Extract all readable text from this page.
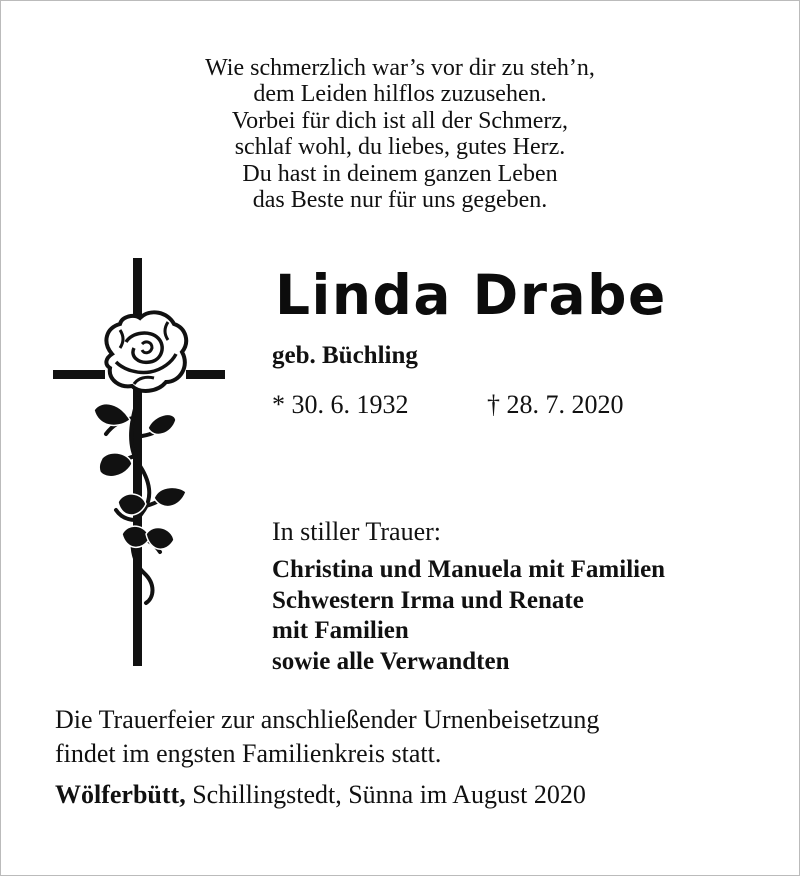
Wie schmerzlich war’s vor dir zu steh’n,
dem Leiden hilflos zuzusehen.
Vorbei für dich ist all der Schmerz,
schlaf wohl, du liebes, gutes Herz.
Du hast in deinem ganzen Leben
das Beste nur für uns gegeben.
Linda Drabe
geb. Büchling
* 30. 6. 1932	† 28. 7. 2020
In stiller Trauer:
Christina und Manuela mit Familien
Schwestern Irma und Renate
mit Familien
sowie alle Verwandten
Die Trauerfeier zur anschließender Urnenbeisetzung
findet im engsten Familienkreis statt.
Wölferbütt, Schillingstedt, Sünna im August 2020
